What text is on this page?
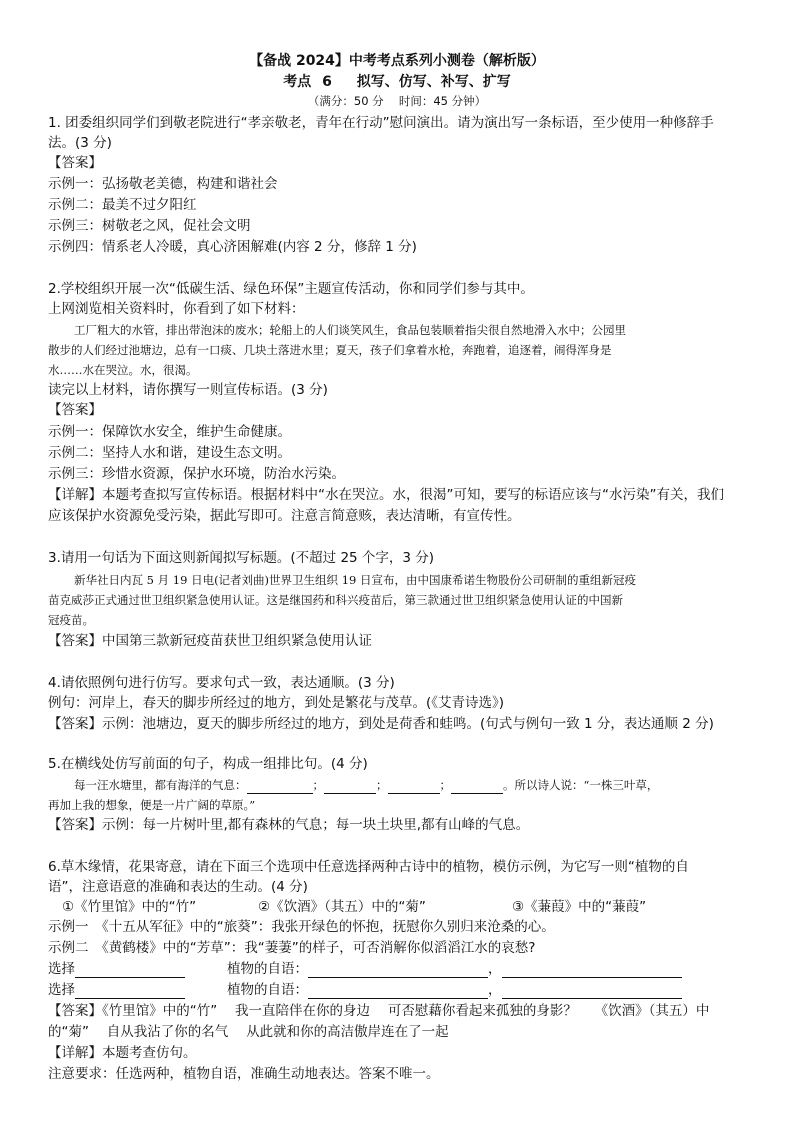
【备战 2024】中考考点系列小测卷（解析版）
考点 6　 拟写、仿写、补写、扩写
（满分：50 分　 时间：45 分钟）
1. 团委组织同学们到敬老院进行“孝亲敬老，青年在行动”慰问演出。请为演出写一条标语，至少使用一种修辞手
法。(3 分)
【答案】
示例一：弘扬敬老美德，构建和谐社会
示例二：最美不过夕阳红
示例三：树敬老之风，促社会文明
示例四：情系老人冷暖，真心济困解难(内容 2 分，修辞 1 分)
2.学校组织开展一次“低碳生活、绿色环保”主题宣传活动，你和同学们参与其中。
上网浏览相关资料时，你看到了如下材料：
工厂粗大的水管，排出带泡沫的废水；轮船上的人们谈笑风生，食品包装顺着指尖很自然地滑入水中；公园里
散步的人们经过池塘边，总有一口痰、几块土落进水里；夏天，孩子们拿着水枪，奔跑着，追逐着，闹得浑身是
水……水在哭泣。水，很渴。
读完以上材料，请你撰写一则宣传标语。(3 分)
【答案】
示例一：保障饮水安全，维护生命健康。
示例二：坚持人水和谐，建设生态文明。
示例三：珍惜水资源，保护水环境，防治水污染。
【详解】本题考查拟写宣传标语。根据材料中“水在哭泣。水，很渴”可知，要写的标语应该与“水污染”有关，我们
应该保护水资源免受污染，据此写即可。注意言简意赅，表达清晰，有宣传性。
3.请用一句话为下面这则新闻拟写标题。(不超过 25 个字，3 分)
新华社日内瓦 5 月 19 日电(记者刘曲)世界卫生组织 19 日宣布，由中国康希诺生物股份公司研制的重组新冠疫
苗克威莎正式通过世卫组织紧急使用认证。这是继国药和科兴疫苗后，第三款通过世卫组织紧急使用认证的中国新
冠疫苗。
【答案】中国第三款新冠疫苗获世卫组织紧急使用认证
4.请依照例句进行仿写。要求句式一致，表达通顺。(3 分)
例句：河岸上，春天的脚步所经过的地方，到处是繁花与茂草。(《艾青诗选》)
【答案】示例：池塘边，夏天的脚步所经过的地方，到处是荷香和蛙鸣。(句式与例句一致 1 分，表达通顺 2 分)
5.在横线处仿写前面的句子，构成一组排比句。(4 分)
每一汪水塘里，都有海洋的气息：	；	；	；	。所以诗人说：“一株三叶草，
再加上我的想象，便是一片广阔的草原。”
【答案】示例：每一片树叶里,都有森林的气息；每一块土块里,都有山峰的气息。
6.草木缘情，花果寄意，请在下面三个选项中任意选择两种古诗中的植物，模仿示例，为它写一则“植物的自
语”，注意语意的准确和表达的生动。(4 分)
①《竹里馆》中的“竹”	②《饮酒》（其五）中的“菊”	③《蒹葭》中的“蒹葭”
示例一　《十五从军征》中的“旅葵”：我张开绿色的怀抱，抚慰你久别归来沧桑的心。
示例二　《黄鹤楼》中的“芳草”：我“萋萋”的样子，可否消解你似滔滔江水的哀愁?
选择	植物的自语：	，
选择	植物的自语：	，
【答案】《竹里馆》中的“竹”　 我一直陪伴在你的身边　 可否慰藉你看起来孤独的身影？　 《饮酒》（其五）中
的“菊”　 自从我沾了你的名气　 从此就和你的高洁傲岸连在了一起
【详解】本题考查仿句。
注意要求：任选两种，植物自语，准确生动地表达。答案不唯一。
